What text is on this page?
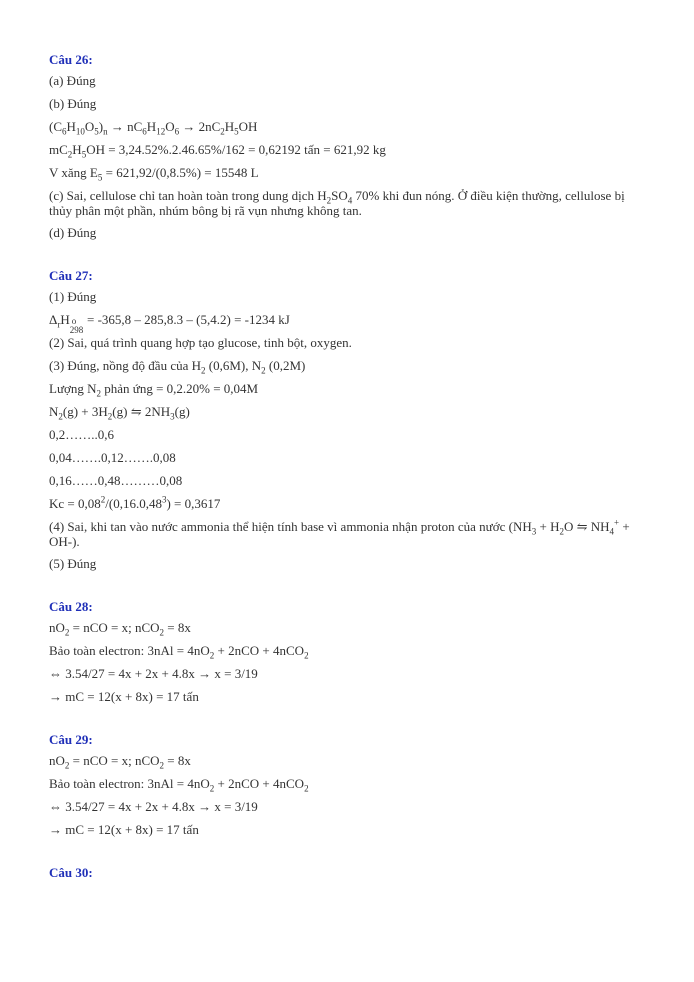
Câu 26:

(a) Đúng

(b) Đúng

$(C_6H_{10}O_5)_n \to nC_6H_{12}O_6 \to 2nC_2H_5OH$

$mC_2H_5OH = 3,24.52\%.2.46.65\%/162 = 0,62192$ tấn = 621,92 kg

V xăng $E_5 = 621,92/(0,8.5\%) = 15548$ L

(c) Sai, cellulose chỉ tan hoàn toàn trong dung dịch $H_2SO_4$ 70% khi đun nóng. Ở điều kiện thường, cellulose bị thủy phân một phần, nhúm bông bị rã vụn nhưng không tan.

(d) Đúng

Câu 27:

(1) Đúng

$\Delta_rH$ o
298
= -365,8 – 285,8.3 – (5,4.2) = -1234 kJ

(2) Sai, quá trình quang hợp tạo glucose, tinh bột, oxygen.

(3) Đúng, nồng độ đầu của $H_2$ (0,6M), $N_2$ (0,2M)

Lượng $N_2$ phản ứng = 0,2.20% = 0,04M

$N_2(g) + 3H_2(g)$ ⇋ $2NH_3(g)$

0,2……..0,6

0,04…….0,12…….0,08

0,16……0,48………0,08

$Kc = 0,08^2/(0,16.0,48^3) = 0,3617$

(4) Sai, khi tan vào nước ammonia thể hiện tính base vì ammonia nhận proton của nước ($NH_3 + H_2O$ ⇋ $NH_4^+ + OH-$).

(5) Đúng

Câu 28:

$nO_2$ = nCO = x; nCO$_2$ = 8x

Bảo toàn electron: $3nAl = 4nO_2 + 2nCO + 4nCO_2$

⇔ 3.54/27 = 4x + 2x + 4.8x → x = 3/19

→ mC = 12(x + 8x) = 17 tấn

Câu 29:

$nO_2$ = nCO = x; nCO$_2$ = 8x

Bảo toàn electron: $3nAl = 4nO_2 + 2nCO + 4nCO_2$

⇔ 3.54/27 = 4x + 2x + 4.8x → x = 3/19

→ mC = 12(x + 8x) = 17 tấn

Câu 30:
